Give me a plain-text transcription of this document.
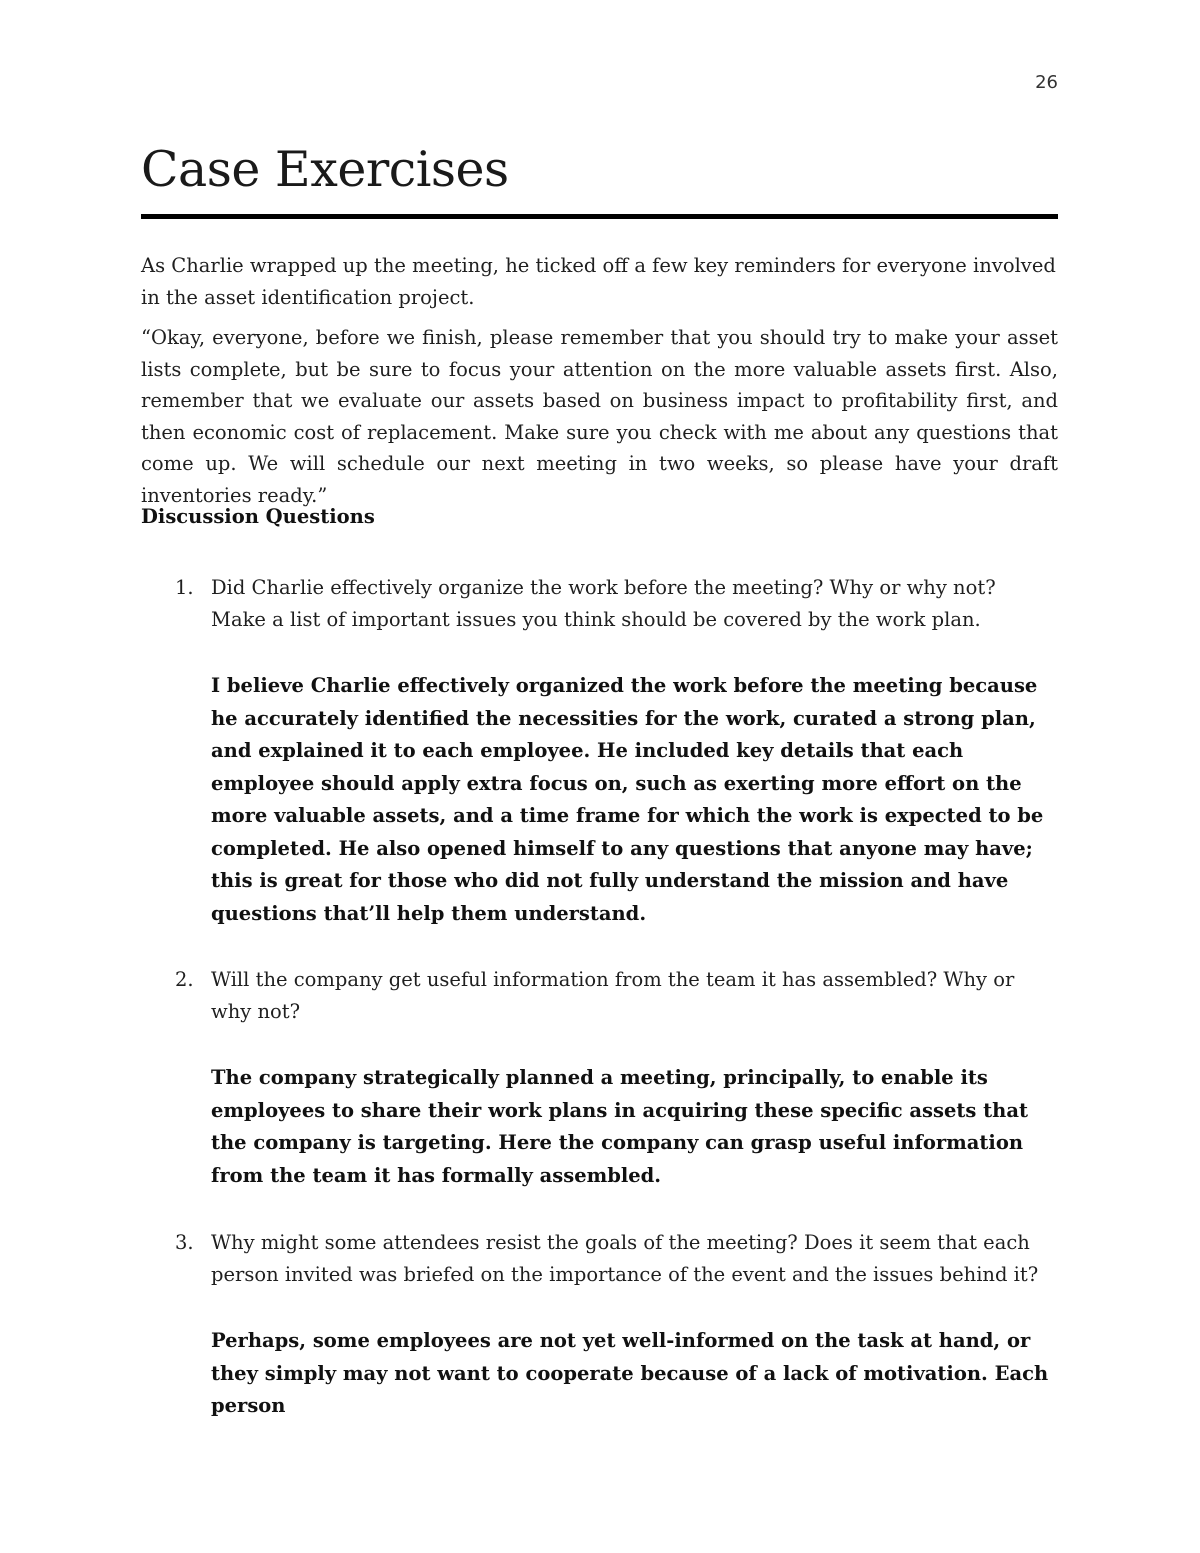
26
Case Exercises

As Charlie wrapped up the meeting, he ticked off a few key reminders for everyone involved in the asset identification project.

“Okay, everyone, before we finish, please remember that you should try to make your asset lists complete, but be sure to focus your attention on the more valuable assets first. Also, remember that we evaluate our assets based on business impact to profitability first, and then economic cost of replacement. Make sure you check with me about any questions that come up. We will schedule our next meeting in two weeks, so please have your draft inventories ready.”

Discussion Questions
1. Did Charlie effectively organize the work before the meeting? Why or why not? Make a list of important issues you think should be covered by the work plan.

I believe Charlie effectively organized the work before the meeting because he accurately identified the necessities for the work, curated a strong plan, and explained it to each employee. He included key details that each employee should apply extra focus on, such as exerting more effort on the more valuable assets, and a time frame for which the work is expected to be completed. He also opened himself to any questions that anyone may have; this is great for those who did not fully understand the mission and have questions that’ll help them understand.

2. Will the company get useful information from the team it has assembled? Why or why not?

The company strategically planned a meeting, principally, to enable its employees to share their work plans in acquiring these specific assets that the company is targeting. Here the company can grasp useful information from the team it has formally assembled.

3. Why might some attendees resist the goals of the meeting? Does it seem that each person invited was briefed on the importance of the event and the issues behind it?

Perhaps, some employees are not yet well-informed on the task at hand, or they simply may not want to cooperate because of a lack of motivation. Each person
